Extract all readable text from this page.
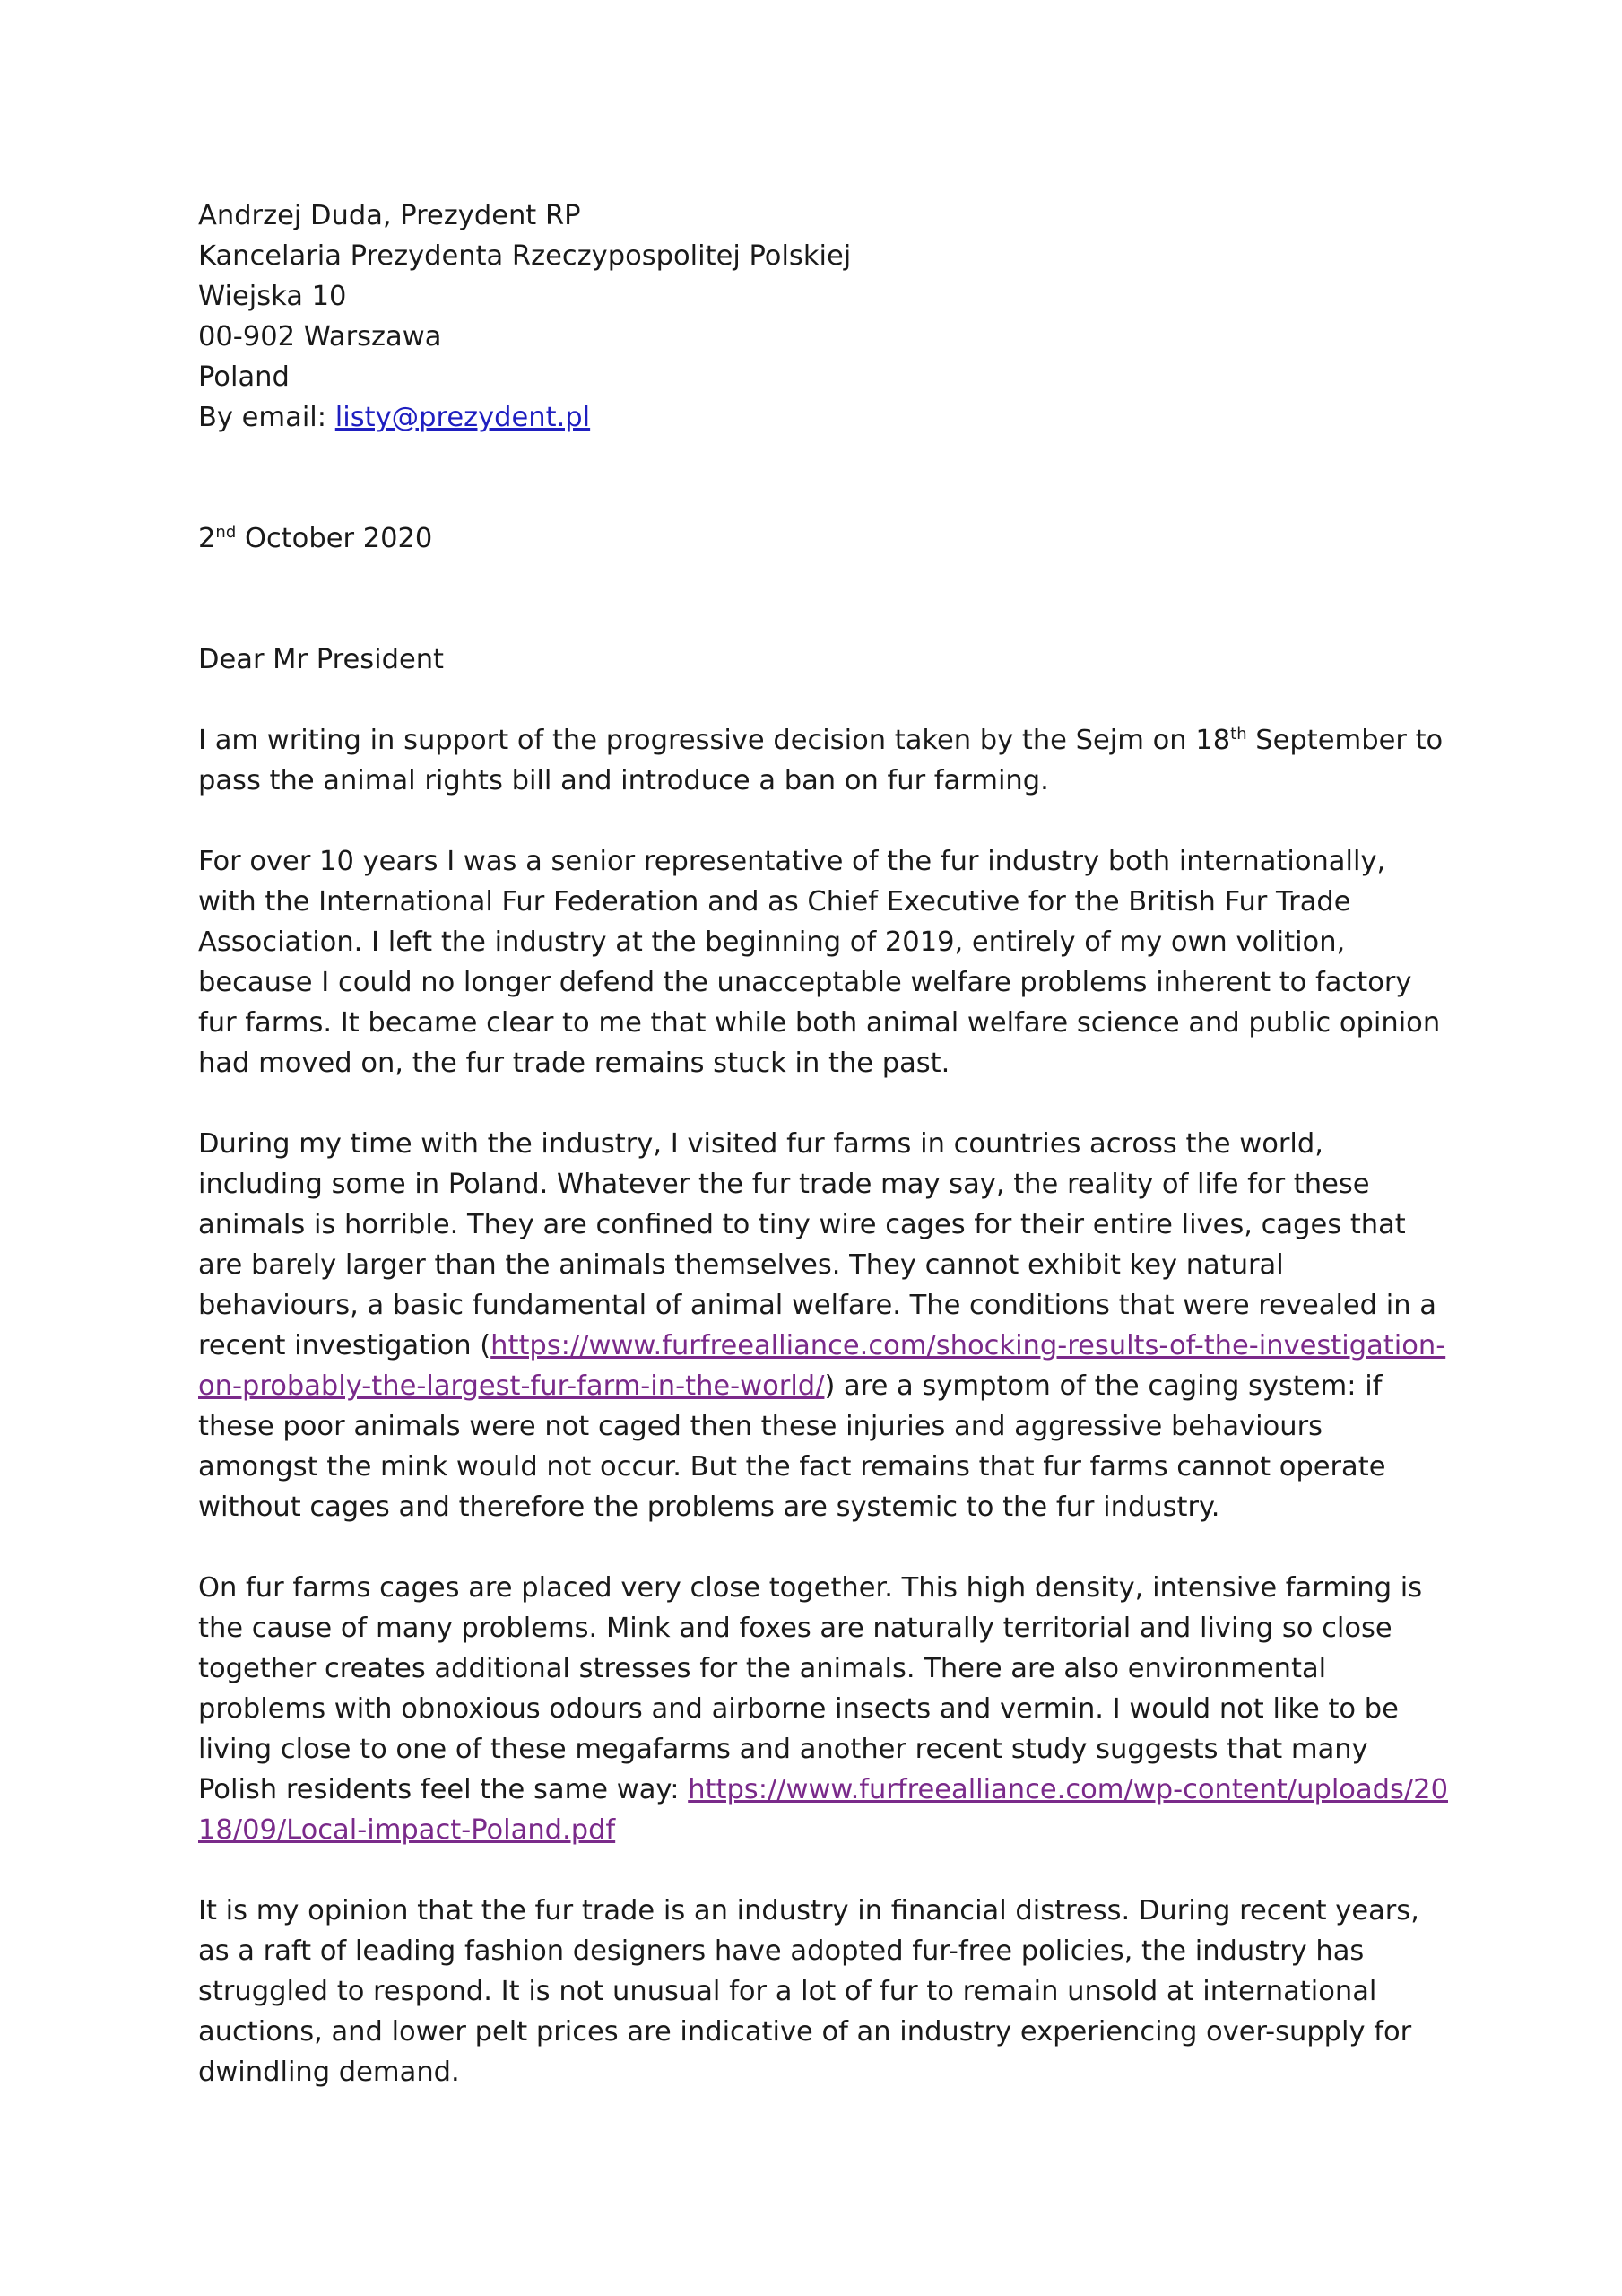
Andrzej Duda, Prezydent RP
Kancelaria Prezydenta Rzeczypospolitej Polskiej
Wiejska 10
00-902 Warszawa
Poland
By email: listy@prezydent.pl
2nd October 2020
Dear Mr President

I am writing in support of the progressive decision taken by the Sejm on 18th September to pass the animal rights bill and introduce a ban on fur farming.

For over 10 years I was a senior representative of the fur industry both internationally, with the International Fur Federation and as Chief Executive for the British Fur Trade Association. I left the industry at the beginning of 2019, entirely of my own volition, because I could no longer defend the unacceptable welfare problems inherent to factory fur farms. It became clear to me that while both animal welfare science and public opinion had moved on, the fur trade remains stuck in the past.

During my time with the industry, I visited fur farms in countries across the world, including some in Poland. Whatever the fur trade may say, the reality of life for these animals is horrible. They are confined to tiny wire cages for their entire lives, cages that are barely larger than the animals themselves. They cannot exhibit key natural behaviours, a basic fundamental of animal welfare. The conditions that were revealed in a recent investigation (https://www.furfreealliance.com/shocking-results-of-the-investigation-on-probably-the-largest-fur-farm-in-the-world/) are a symptom of the caging system: if these poor animals were not caged then these injuries and aggressive behaviours amongst the mink would not occur. But the fact remains that fur farms cannot operate without cages and therefore the problems are systemic to the fur industry.

On fur farms cages are placed very close together. This high density, intensive farming is the cause of many problems. Mink and foxes are naturally territorial and living so close together creates additional stresses for the animals. There are also environmental problems with obnoxious odours and airborne insects and vermin. I would not like to be living close to one of these megafarms and another recent study suggests that many Polish residents feel the same way: https://www.furfreealliance.com/wp-content/uploads/2018/09/Local-impact-Poland.pdf

It is my opinion that the fur trade is an industry in financial distress. During recent years, as a raft of leading fashion designers have adopted fur-free policies, the industry has struggled to respond. It is not unusual for a lot of fur to remain unsold at international auctions, and lower pelt prices are indicative of an industry experiencing over-supply for dwindling demand.
